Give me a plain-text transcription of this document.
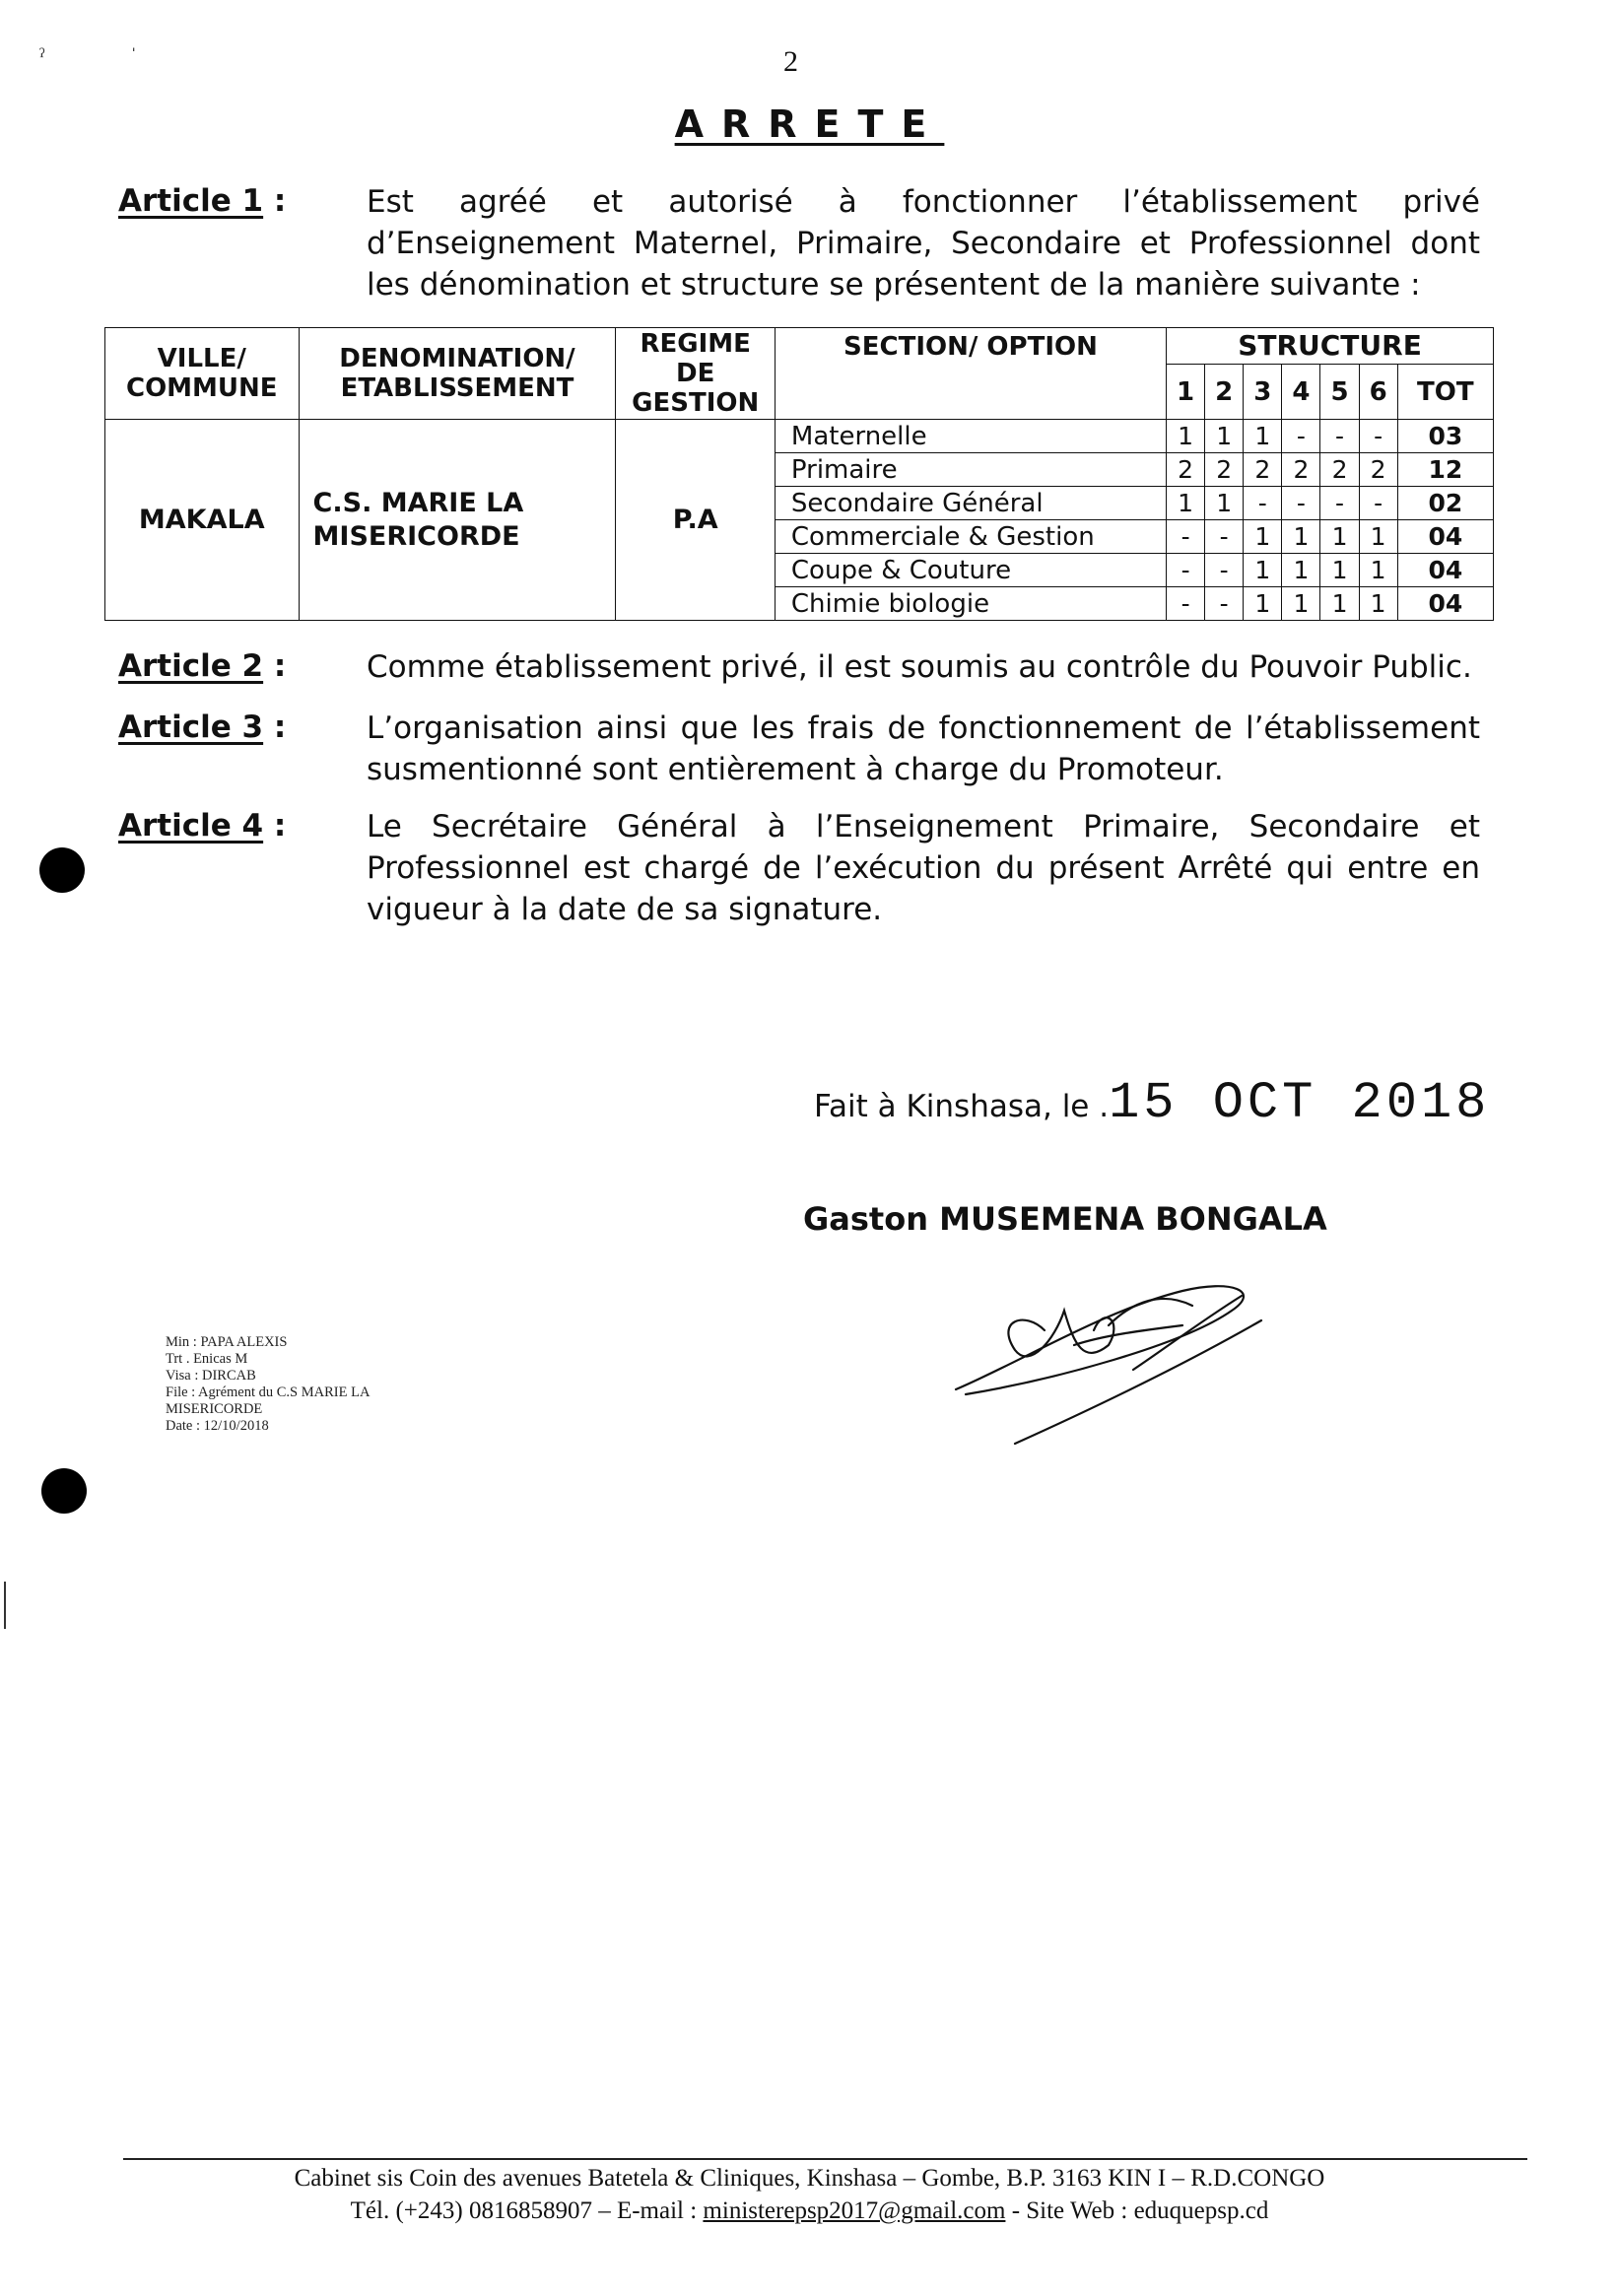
ˀ	ˈ	2
ARRETE
Article 1 :	Est agréé et autorisé à fonctionner l’établissement privé d’Enseignement Maternel, Primaire, Secondaire et Professionnel dont les dénomination et structure se présentent de la manière suivante :
VILLE/ COMMUNE	DENOMINATION/ ETABLISSEMENT	REGIME DE GESTION	SECTION/ OPTION	STRUCTURE						
				1	2	3	4	5	6	TOT
MAKALA	C.S. MARIE LA MISERICORDE	P.A	Maternelle	1	1	1	-	-	-	03
			Primaire	2	2	2	2	2	2	12
			Secondaire Général	1	1	-	-	-	-	02
			Commerciale & Gestion	-	-	1	1	1	1	04
			Coupe & Couture	-	-	1	1	1	1	04
			Chimie biologie	-	-	1	1	1	1	04
Article 2 :	Comme établissement privé, il est soumis au contrôle du Pouvoir Public.
Article 3 :	L’organisation ainsi que les frais de fonctionnement de l’établissement susmentionné sont entièrement à charge du Promoteur.
Article 4 :	Le Secrétaire Général à l’Enseignement Primaire, Secondaire et Professionnel est chargé de l’exécution du présent Arrêté qui entre en vigueur à la date de sa signature.
Fait à Kinshasa, le .15 OCT 2018
Gaston MUSEMENA BONGALA
Min : PAPA ALEXIS
Trt . Enicas M
Visa : DIRCAB
File : Agrément du C.S MARIE LA
MISERICORDE
Date : 12/10/2018
Cabinet sis Coin des avenues Batetela & Cliniques, Kinshasa – Gombe, B.P. 3163 KIN I – R.D.CONGO
Tél. (+243) 0816858907 – E-mail : ministerepsp2017@gmail.com - Site Web : eduquepsp.cd
